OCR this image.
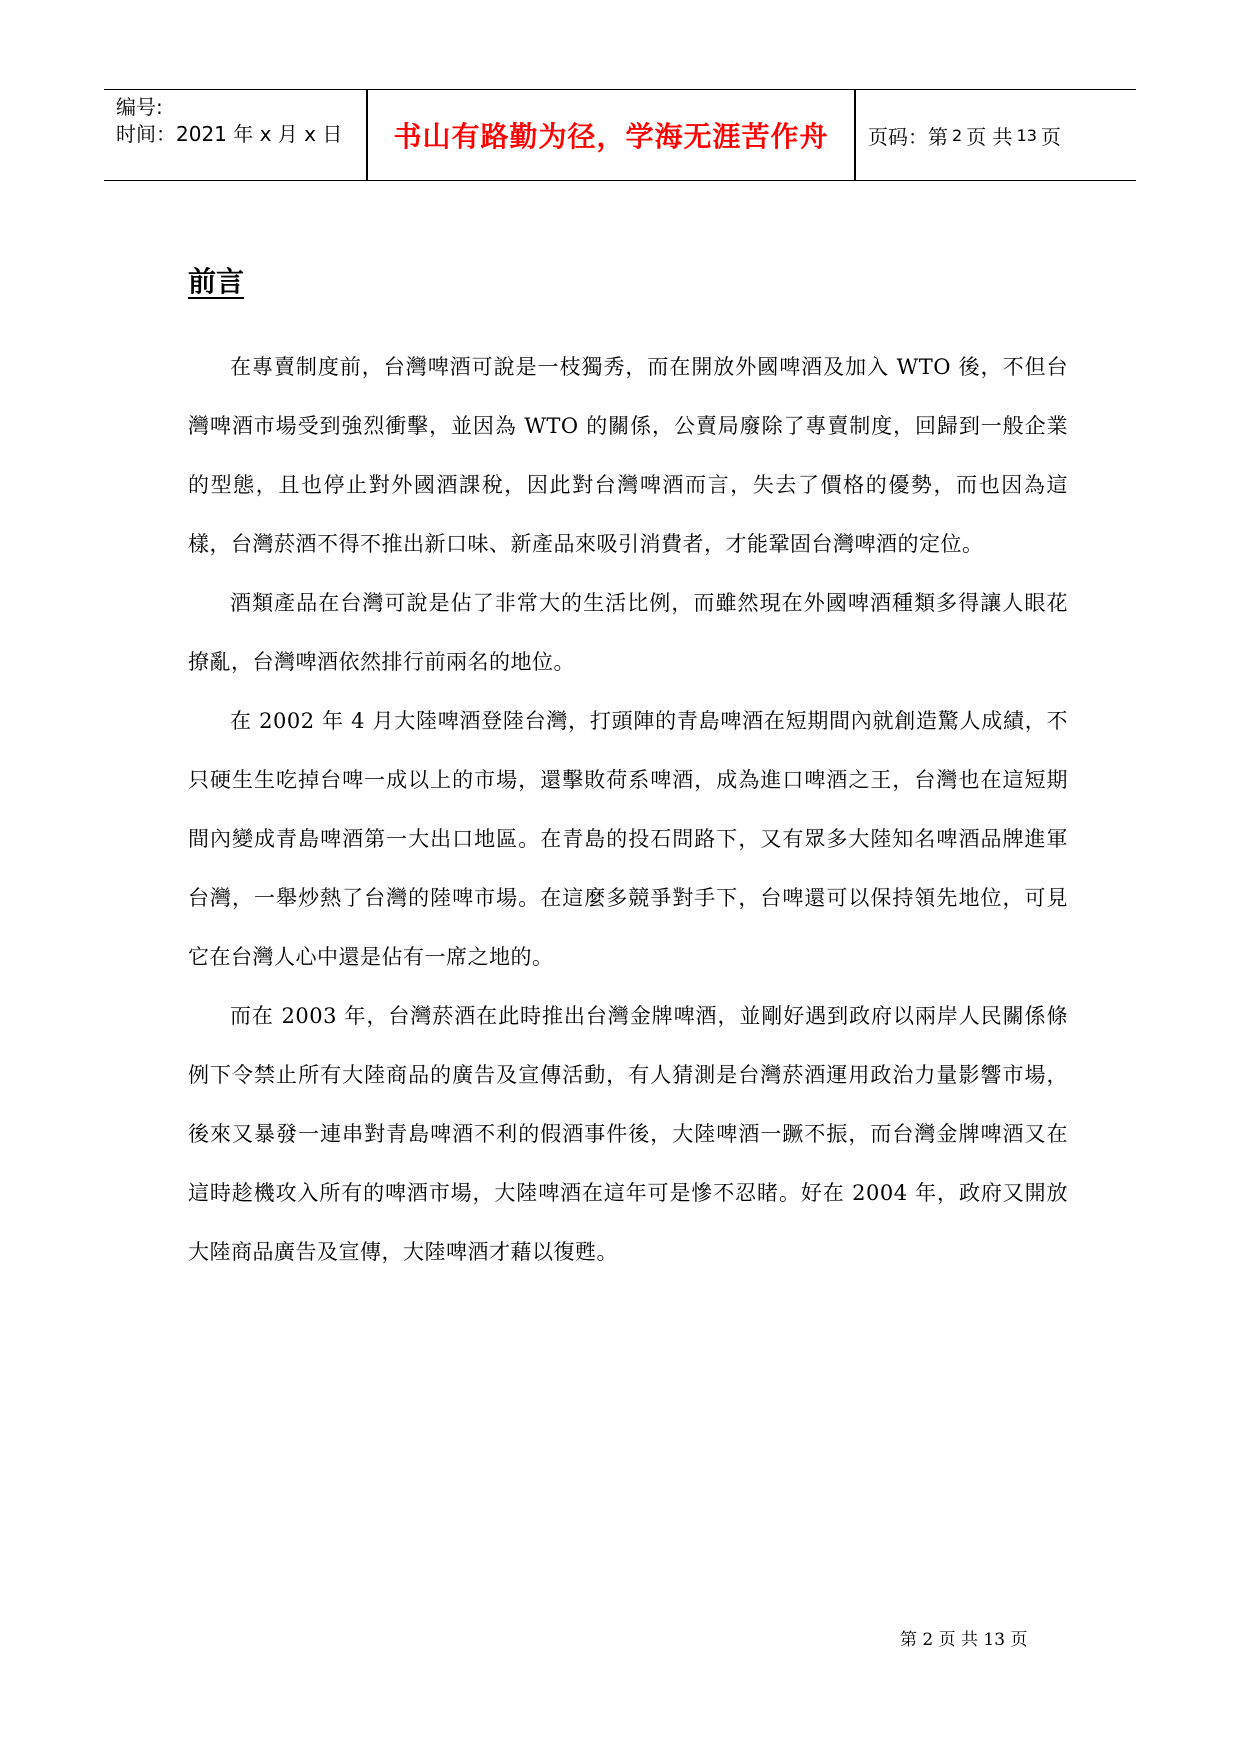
编号:
时间：2021 年 x 月 x 日	书山有路勤为径，学海无涯苦作舟	页码：第 2 页 共 13 页
前言

在專賣制度前，台灣啤酒可說是一枝獨秀，而在開放外國啤酒及加入 WTO 後，不但台灣啤酒市場受到強烈衝擊，並因為 WTO 的關係，公賣局廢除了專賣制度，回歸到一般企業的型態，且也停止對外國酒課稅，因此對台灣啤酒而言，失去了價格的優勢，而也因為這樣，台灣菸酒不得不推出新口味、新產品來吸引消費者，才能鞏固台灣啤酒的定位。

酒類產品在台灣可說是佔了非常大的生活比例，而雖然現在外國啤酒種類多得讓人眼花撩亂，台灣啤酒依然排行前兩名的地位。

在 2002 年 4 月大陸啤酒登陸台灣，打頭陣的青島啤酒在短期間內就創造驚人成績，不只硬生生吃掉台啤一成以上的市場，還擊敗荷系啤酒，成為進口啤酒之王，台灣也在這短期間內變成青島啤酒第一大出口地區。在青島的投石問路下，又有眾多大陸知名啤酒品牌進軍台灣，一舉炒熱了台灣的陸啤市場。在這麼多競爭對手下，台啤還可以保持領先地位，可見它在台灣人心中還是佔有一席之地的。

而在 2003 年，台灣菸酒在此時推出台灣金牌啤酒，並剛好遇到政府以兩岸人民關係條例下令禁止所有大陸商品的廣告及宣傳活動，有人猜測是台灣菸酒運用政治力量影響市場，後來又暴發一連串對青島啤酒不利的假酒事件後，大陸啤酒一蹶不振，而台灣金牌啤酒又在這時趁機攻入所有的啤酒市場，大陸啤酒在這年可是慘不忍睹。好在 2004 年，政府又開放大陸商品廣告及宣傳，大陸啤酒才藉以復甦。

第 2 页 共 13 页
